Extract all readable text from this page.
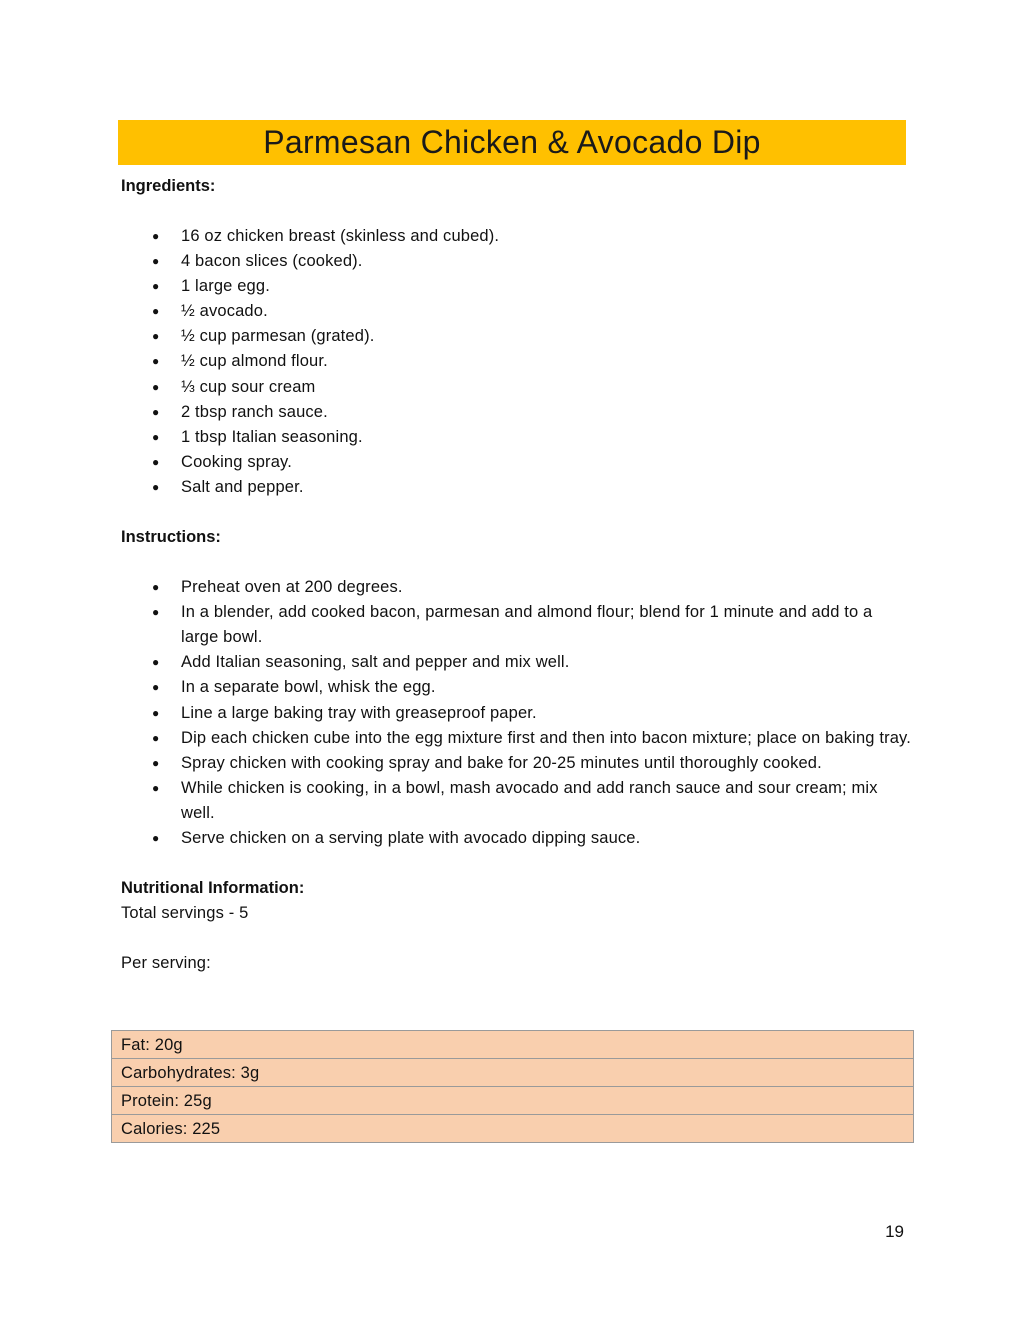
Parmesan Chicken & Avocado Dip

Ingredients:

● 16 oz chicken breast (skinless and cubed).
● 4 bacon slices (cooked).
● 1 large egg.
● ½ avocado.
● ½ cup parmesan (grated).
● ½ cup almond flour.
● ⅓ cup sour cream
● 2 tbsp ranch sauce.
● 1 tbsp Italian seasoning.
● Cooking spray.
● Salt and pepper.

Instructions:

● Preheat oven at 200 degrees.
● In a blender, add cooked bacon, parmesan and almond flour; blend for 1 minute and add to a large bowl.
● Add Italian seasoning, salt and pepper and mix well.
● In a separate bowl, whisk the egg.
● Line a large baking tray with greaseproof paper.
● Dip each chicken cube into the egg mixture first and then into bacon mixture; place on baking tray.
● Spray chicken with cooking spray and bake for 20-25 minutes until thoroughly cooked.
● While chicken is cooking, in a bowl, mash avocado and add ranch sauce and sour cream; mix well.
● Serve chicken on a serving plate with avocado dipping sauce.

Nutritional Information:

Total servings - 5

Per serving:

Fat: 20g
Carbohydrates: 3g
Protein: 25g
Calories: 225
19
